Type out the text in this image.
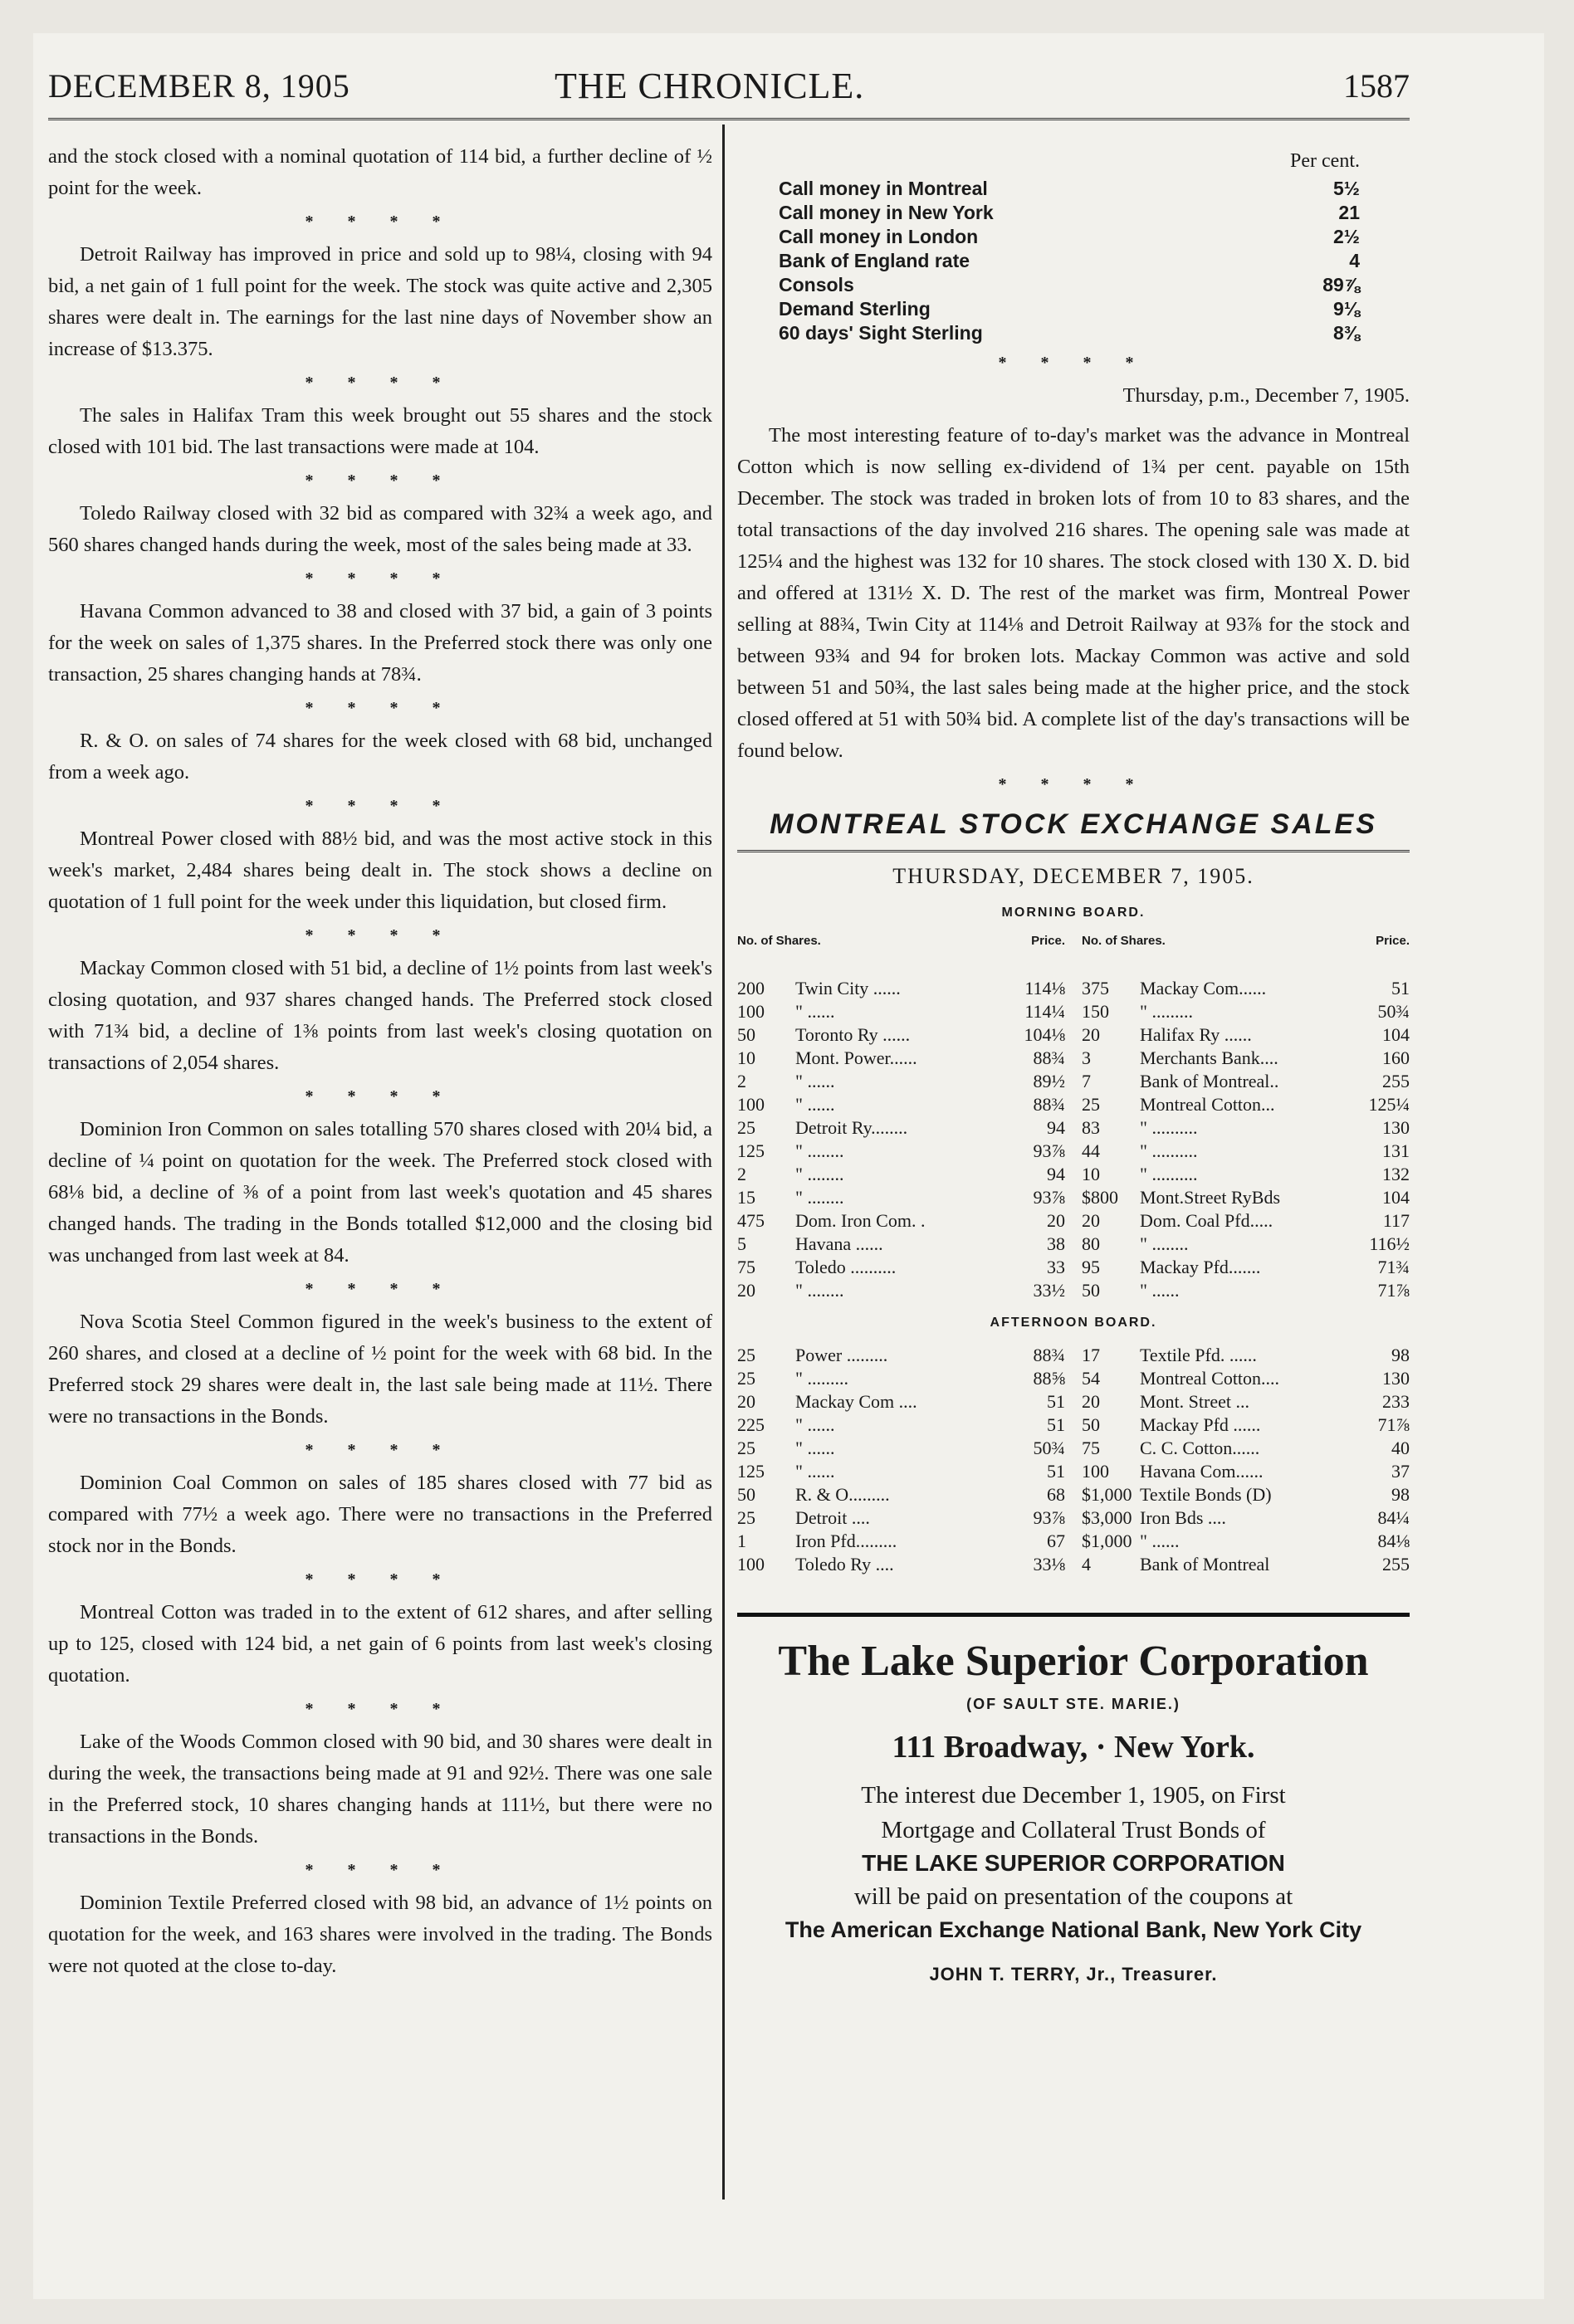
DECEMBER 8, 1905	THE CHRONICLE.	1587

and the stock closed with a nominal quotation of 114 bid, a further decline of ½ point for the week.

* * * *

Detroit Railway has improved in price and sold up to 98¼, closing with 94 bid, a net gain of 1 full point for the week. The stock was quite active and 2,305 shares were dealt in. The earnings for the last nine days of November show an increase of $13.375.

* * * *

The sales in Halifax Tram this week brought out 55 shares and the stock closed with 101 bid. The last transactions were made at 104.

* * * *

Toledo Railway closed with 32 bid as compared with 32¾ a week ago, and 560 shares changed hands during the week, most of the sales being made at 33.

* * * *

Havana Common advanced to 38 and closed with 37 bid, a gain of 3 points for the week on sales of 1,375 shares. In the Preferred stock there was only one transaction, 25 shares changing hands at 78¾.

* * * *

R. & O. on sales of 74 shares for the week closed with 68 bid, unchanged from a week ago.

* * * *

Montreal Power closed with 88½ bid, and was the most active stock in this week's market, 2,484 shares being dealt in. The stock shows a decline on quotation of 1 full point for the week under this liquidation, but closed firm.

* * * *

Mackay Common closed with 51 bid, a decline of 1½ points from last week's closing quotation, and 937 shares changed hands. The Preferred stock closed with 71¾ bid, a decline of 1⅜ points from last week's closing quotation on transactions of 2,054 shares.

* * * *

Dominion Iron Common on sales totalling 570 shares closed with 20¼ bid, a decline of ¼ point on quotation for the week. The Preferred stock closed with 68⅛ bid, a decline of ⅜ of a point from last week's quotation and 45 shares changed hands. The trading in the Bonds totalled $12,000 and the closing bid was unchanged from last week at 84.

* * * *

Nova Scotia Steel Common figured in the week's business to the extent of 260 shares, and closed at a decline of ½ point for the week with 68 bid. In the Preferred stock 29 shares were dealt in, the last sale being made at 11½. There were no transactions in the Bonds.

* * * *

Dominion Coal Common on sales of 185 shares closed with 77 bid as compared with 77½ a week ago. There were no transactions in the Preferred stock nor in the Bonds.

* * * *

Montreal Cotton was traded in to the extent of 612 shares, and after selling up to 125, closed with 124 bid, a net gain of 6 points from last week's closing quotation.

* * * *

Lake of the Woods Common closed with 90 bid, and 30 shares were dealt in during the week, the transactions being made at 91 and 92½. There was one sale in the Preferred stock, 10 shares changing hands at 111½, but there were no transactions in the Bonds.

* * * *

Dominion Textile Preferred closed with 98 bid, an advance of 1½ points on quotation for the week, and 163 shares were involved in the trading. The Bonds were not quoted at the close to-day.

Per cent.
Call money in Montreal	5½
Call money in New York	21
Call money in London	2½
Bank of England rate	4
Consols	89⅞
Demand Sterling	9⅛
60 days' Sight Sterling	8⅜
* * * *
Thursday, p.m., December 7, 1905.

The most interesting feature of to-day's market was the advance in Montreal Cotton which is now selling ex-dividend of 1¾ per cent. payable on 15th December. The stock was traded in broken lots of from 10 to 83 shares, and the total transactions of the day involved 216 shares. The opening sale was made at 125¼ and the highest was 132 for 10 shares. The stock closed with 130 X. D. bid and offered at 131½ X. D. The rest of the market was firm, Montreal Power selling at 88¾, Twin City at 114⅛ and Detroit Railway at 93⅞ for the stock and between 93¾ and 94 for broken lots. Mackay Common was active and sold between 51 and 50¾, the last sales being made at the higher price, and the stock closed offered at 51 with 50¾ bid. A complete list of the day's transactions will be found below.

* * * *
MONTREAL STOCK EXCHANGE SALES
THURSDAY, DECEMBER 7, 1905.
MORNING BOARD.
No. of Shares.	Price.
200	Twin City ......	114⅛
100	" ......	114¼
50	Toronto Ry ......	104⅛
10	Mont. Power......	88¾
2	" ......	89½
100	" ......	88¾
25	Detroit Ry........	94
125	" ........	93⅞
2	" ........	94
15	" ........	93⅞
475	Dom. Iron Com. .	20
5	Havana ......	38
75	Toledo ..........	33
20	" ........	33½
No. of Shares.	Price.
375	Mackay Com......	51
150	" .........	50¾
20	Halifax Ry ......	104
3	Merchants Bank....	160
7	Bank of Montreal..	255
25	Montreal Cotton...	125¼
83	" ..........	130
44	" ..........	131
10	" ..........	132
$800	Mont.Street RyBds	104
20	Dom. Coal Pfd.....	117
80	" ........	116½
95	Mackay Pfd.......	71¾
50	" ......	71⅞
AFTERNOON BOARD.
25	Power .........	88¾
25	" .........	88⅝
20	Mackay Com ....	51
225	" ......	51
25	" ......	50¾
125	" ......	51
50	R. & O.........	68
25	Detroit ....	93⅞
1	Iron Pfd.........	67
100	Toledo Ry ....	33⅛
17	Textile Pfd. ......	98
54	Montreal Cotton....	130
20	Mont. Street ...	233
50	Mackay Pfd ......	71⅞
75	C. C. Cotton......	40
100	Havana Com......	37
$1,000 Textile Bonds (D)	98
$3,000 Iron Bds ....	84¼
$1,000 " ......	84⅛
4	Bank of Montreal	255
The Lake Superior Corporation
(OF SAULT STE. MARIE.)
111 Broadway, · New York.
The interest due December 1, 1905, on First
Mortgage and Collateral Trust Bonds of
THE LAKE SUPERIOR CORPORATION
will be paid on presentation of the coupons at
The American Exchange National Bank, New York City
JOHN T. TERRY, Jr., Treasurer.
